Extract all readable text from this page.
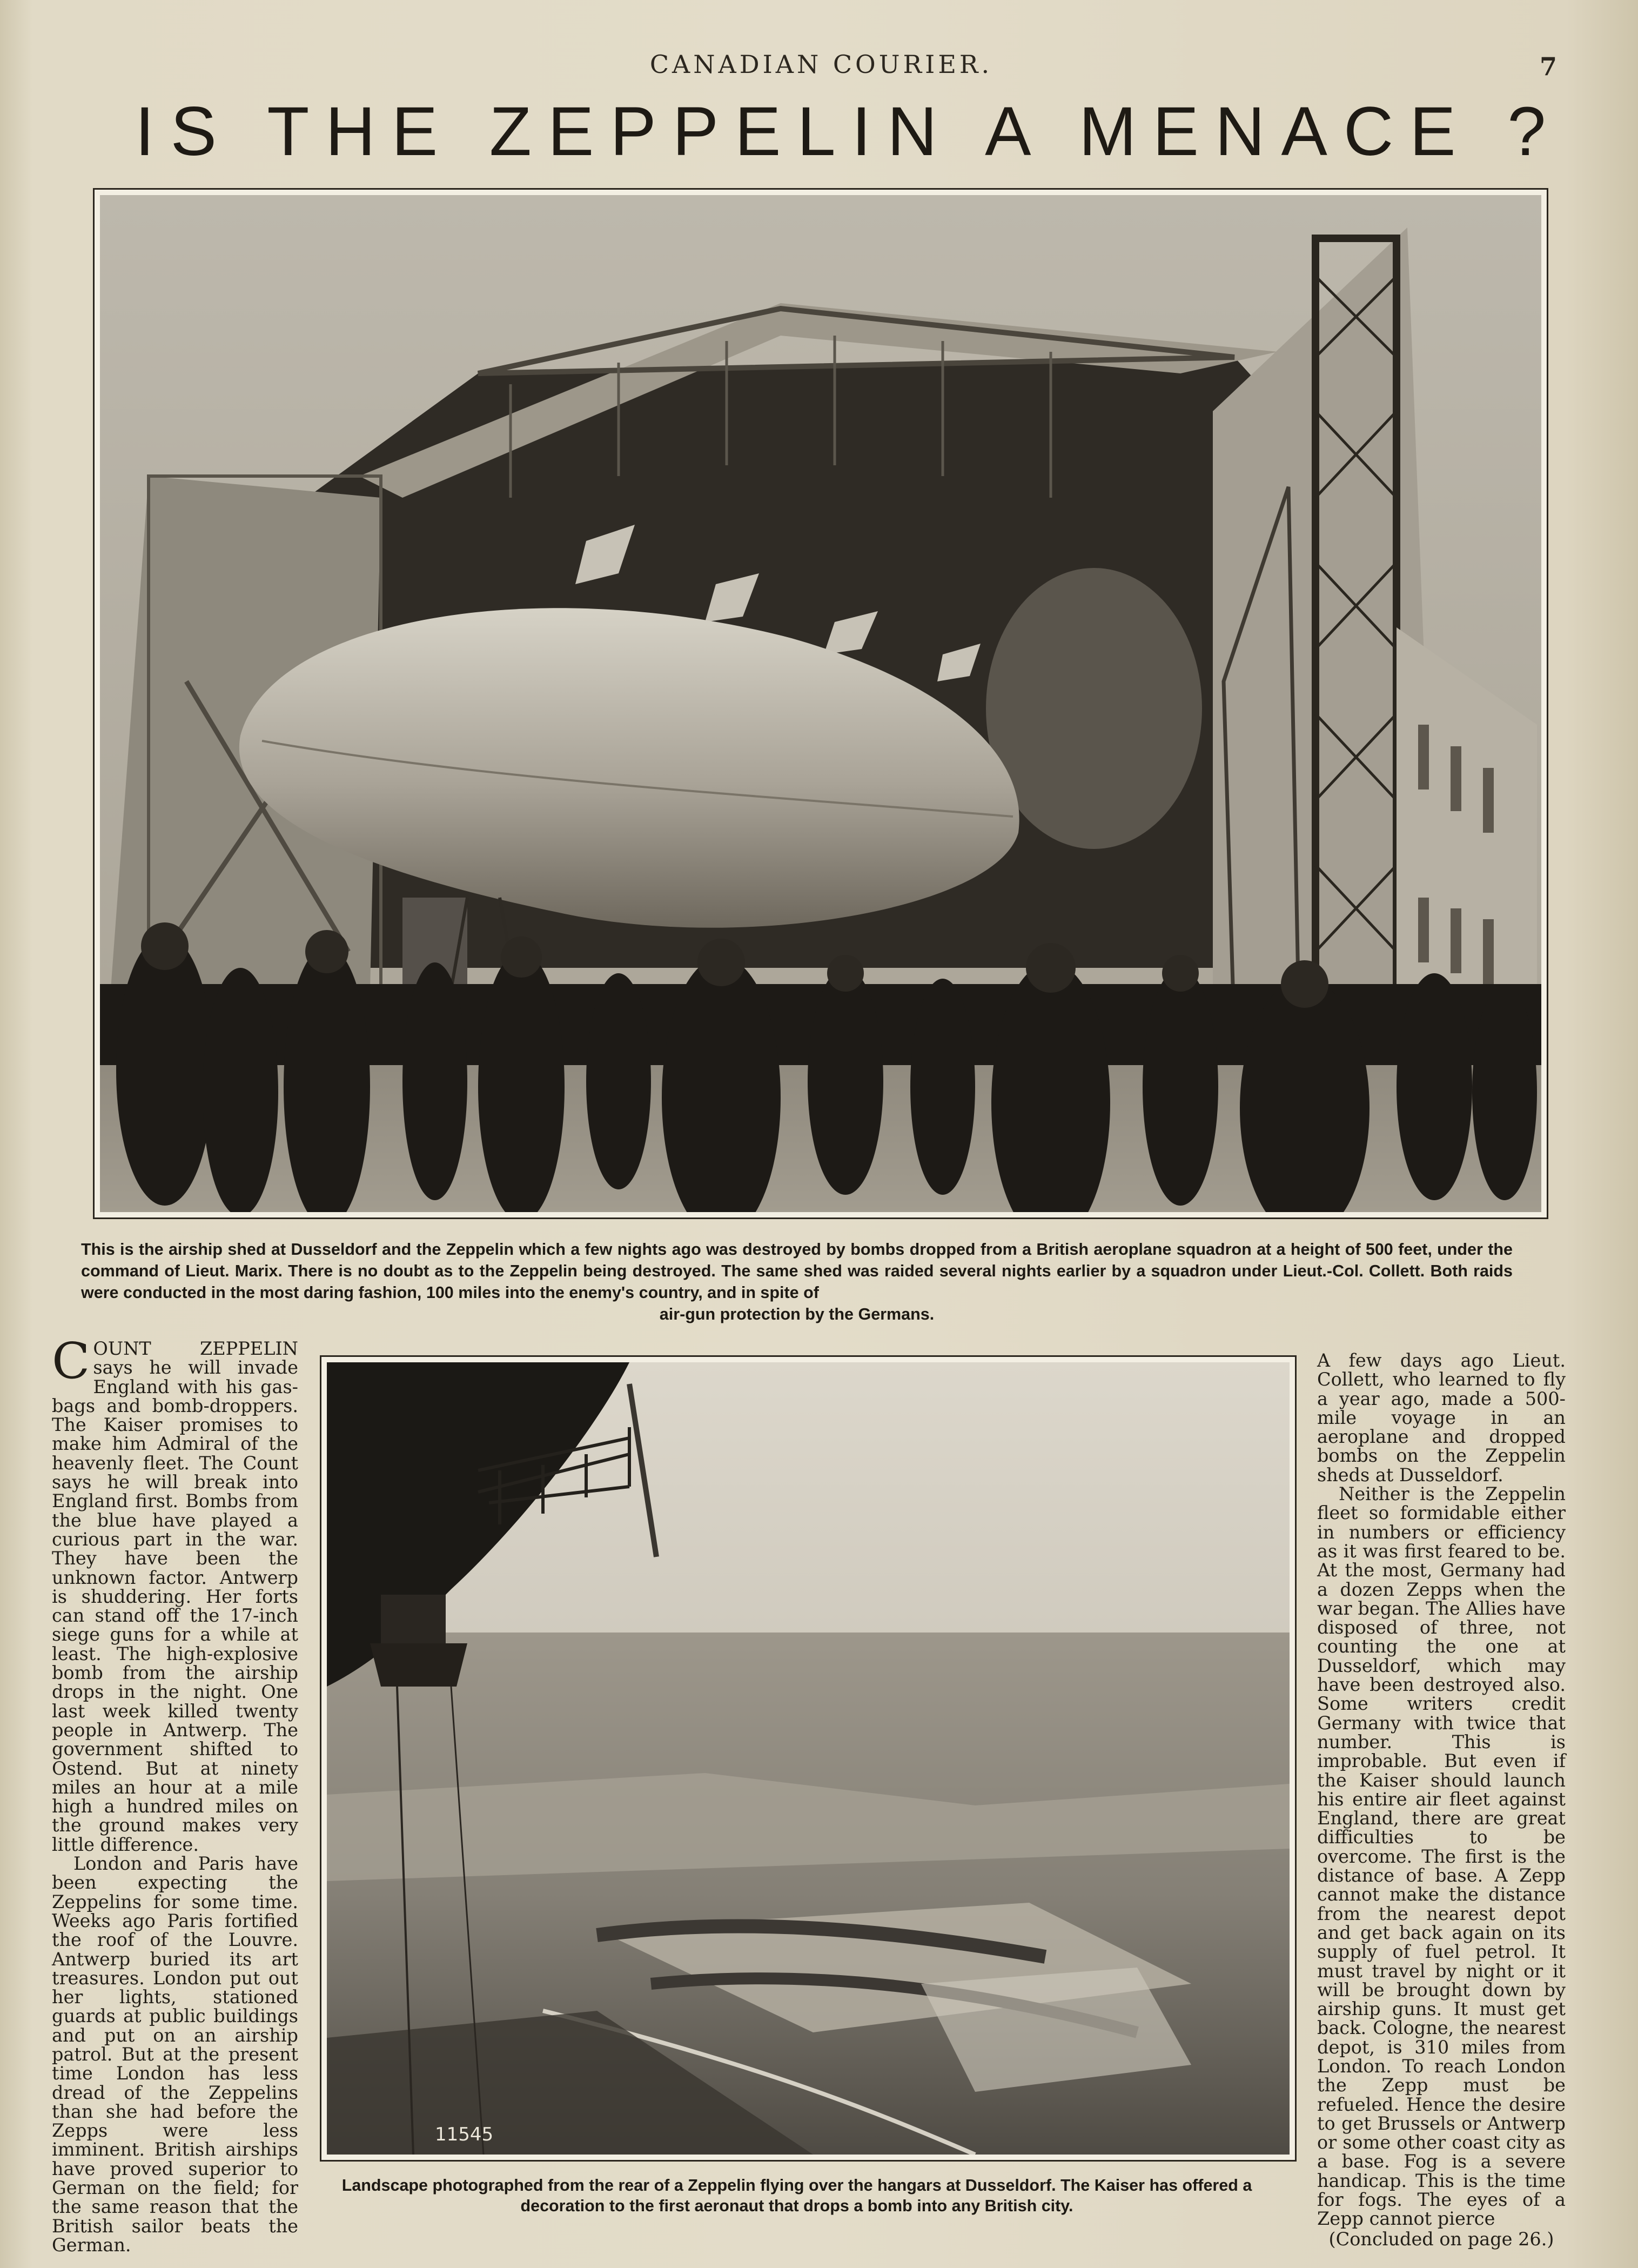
CANADIAN COURIER.	7
IS THE ZEPPELIN A MENACE ?
This is the airship shed at Dusseldorf and the Zeppelin which a few nights ago was destroyed by bombs dropped from a British aeroplane squadron at a height of 500 feet, under the command of Lieut. Marix. There is no doubt as to the Zeppelin being destroyed. The same shed was raided several nights earlier by a squadron under Lieut.-Col. Collett. Both raids were conducted in the most daring fashion, 100 miles into the enemy's country, and in spite of
air-gun protection by the Germans.

COUNT ZEPPELIN says he will invade England with his gas-bags and bomb-droppers. The Kaiser promises to make him Admiral of the heavenly fleet. The Count says he will break into England first. Bombs from the blue have played a curious part in the war. They have been the unknown factor. Antwerp is shuddering. Her forts can stand off the 17-inch siege guns for a while at least. The high-explosive bomb from the airship drops in the night. One last week killed twenty people in Antwerp. The government shifted to Ostend. But at ninety miles an hour at a mile high a hundred miles on the ground makes very little difference.

London and Paris have been expecting the Zeppelins for some time. Weeks ago Paris fortified the roof of the Louvre. Antwerp buried its art treasures. London put out her lights, stationed guards at public buildings and put on an airship patrol. But at the present time London has less dread of the Zeppelins than she had before the Zepps were less imminent. British airships have proved superior to German on the field; for the same reason that the British sailor beats the German.

11545
Landscape photographed from the rear of a Zeppelin flying over the hangars at Dusseldorf. The Kaiser has offered a decoration to the first aeronaut that drops a bomb into any British city.

A few days ago Lieut. Collett, who learned to fly a year ago, made a 500-mile voyage in an aeroplane and dropped bombs on the Zeppelin sheds at Dusseldorf.

Neither is the Zeppelin fleet so formidable either in numbers or efficiency as it was first feared to be. At the most, Germany had a dozen Zepps when the war began. The Allies have disposed of three, not counting the one at Dusseldorf, which may have been destroyed also. Some writers credit Germany with twice that number. This is improbable. But even if the Kaiser should launch his entire air fleet against England, there are great difficulties to be overcome. The first is the distance of base. A Zepp cannot make the distance from the nearest depot and get back again on its supply of fuel petrol. It must travel by night or it will be brought down by airship guns. It must get back. Cologne, the nearest depot, is 310 miles from London. To reach London the Zepp must be refueled. Hence the desire to get Brussels or Antwerp or some other coast city as a base. Fog is a severe handicap. This is the time for fogs. The eyes of a Zepp cannot pierce

(Concluded on page 26.)
